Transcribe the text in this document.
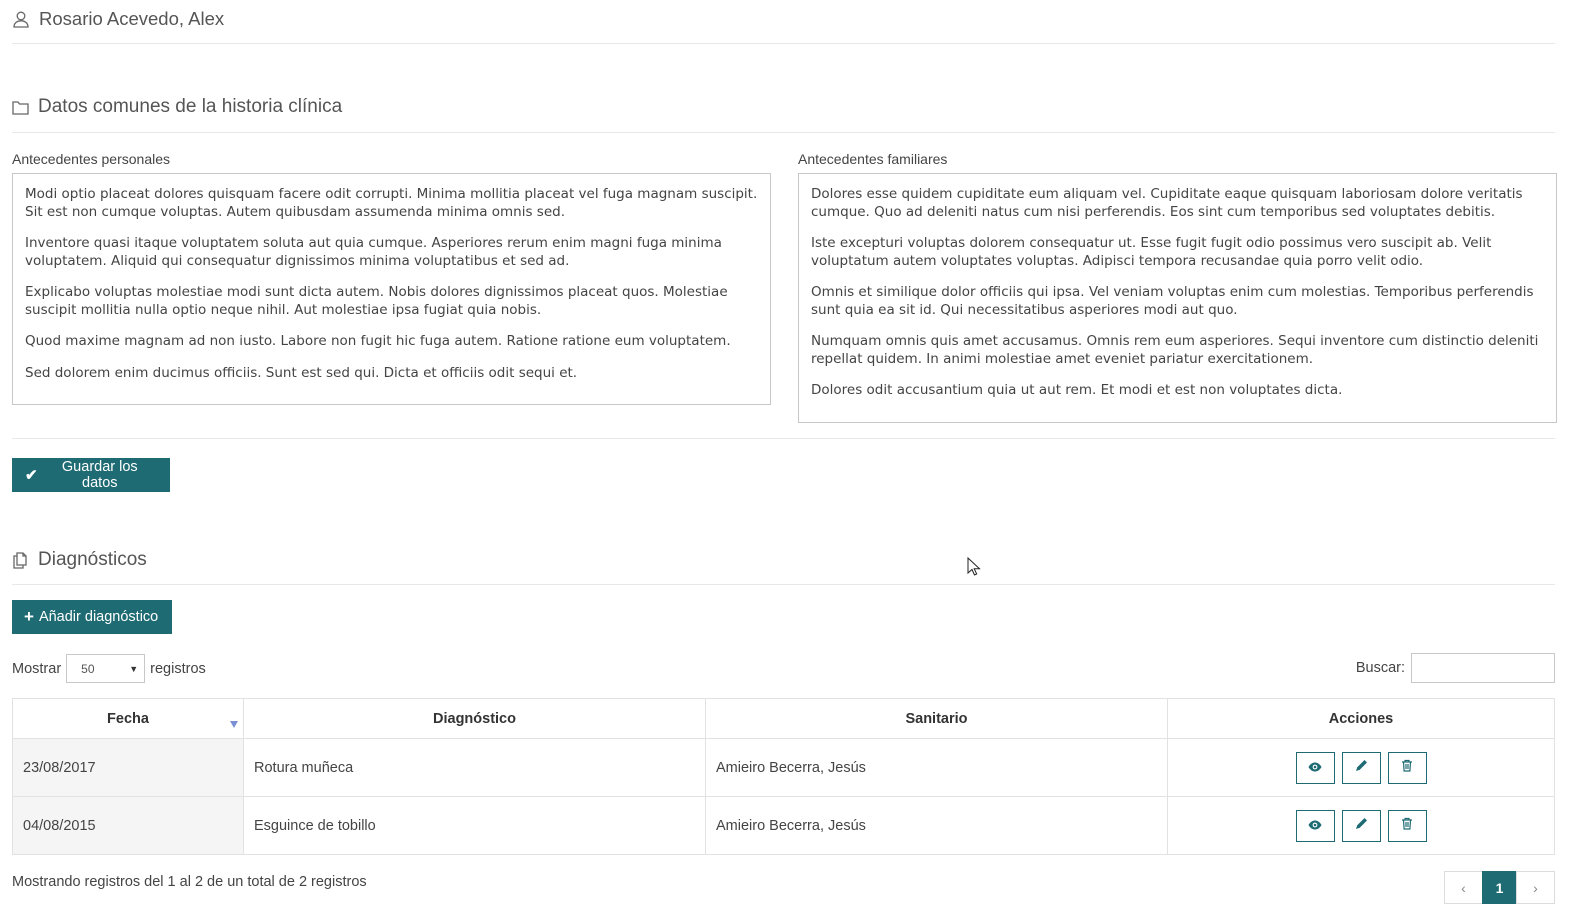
Rosario Acevedo, Alex
Datos comunes de la historia clínica
Antecedentes personales

Modi optio placeat dolores quisquam facere odit corrupti. Minima mollitia placeat vel fuga magnam suscipit. Sit est non cumque voluptas. Autem quibusdam assumenda minima omnis sed.

Inventore quasi itaque voluptatem soluta aut quia cumque. Asperiores rerum enim magni fuga minima voluptatem. Aliquid qui consequatur dignissimos minima voluptatibus et sed ad.

Explicabo voluptas molestiae modi sunt dicta autem. Nobis dolores dignissimos placeat quos. Molestiae suscipit mollitia nulla optio neque nihil. Aut molestiae ipsa fugiat quia nobis.

Quod maxime magnam ad non iusto. Labore non fugit hic fuga autem. Ratione ratione eum voluptatem.

Sed dolorem enim ducimus officiis. Sunt est sed qui. Dicta et officiis odit sequi et.

Antecedentes familiares

Dolores esse quidem cupiditate eum aliquam vel. Cupiditate eaque quisquam laboriosam dolore veritatis cumque. Quo ad deleniti natus cum nisi perferendis. Eos sint cum temporibus sed voluptates debitis.

Iste excepturi voluptas dolorem consequatur ut. Esse fugit fugit odio possimus vero suscipit ab. Velit voluptatum autem voluptates voluptas. Adipisci tempora recusandae quia porro velit odio.

Omnis et similique dolor officiis qui ipsa. Vel veniam voluptas enim cum molestias. Temporibus perferendis sunt quia ea sit id. Qui necessitatibus asperiores modi aut quo.

Numquam omnis quis amet accusamus. Omnis rem eum asperiores. Sequi inventore cum distinctio deleniti repellat quidem. In animi molestiae amet eveniet pariatur exercitationem.

Dolores odit accusantium quia ut aut rem. Et modi et est non voluptates dicta.

✔	Guardar los datos
Diagnósticos
+ Añadir diagnóstico
Mostrar 50	▼ registros	Buscar:
Fecha	Diagnóstico	Sanitario	Acciones
23/08/2017	Rotura muñeca	Amieiro Becerra, Jesús	

04/08/2015	Esguince de tobillo	Amieiro Becerra, Jesús	
Mostrando registros del 1 al 2 de un total de 2 registros	‹	1	›
